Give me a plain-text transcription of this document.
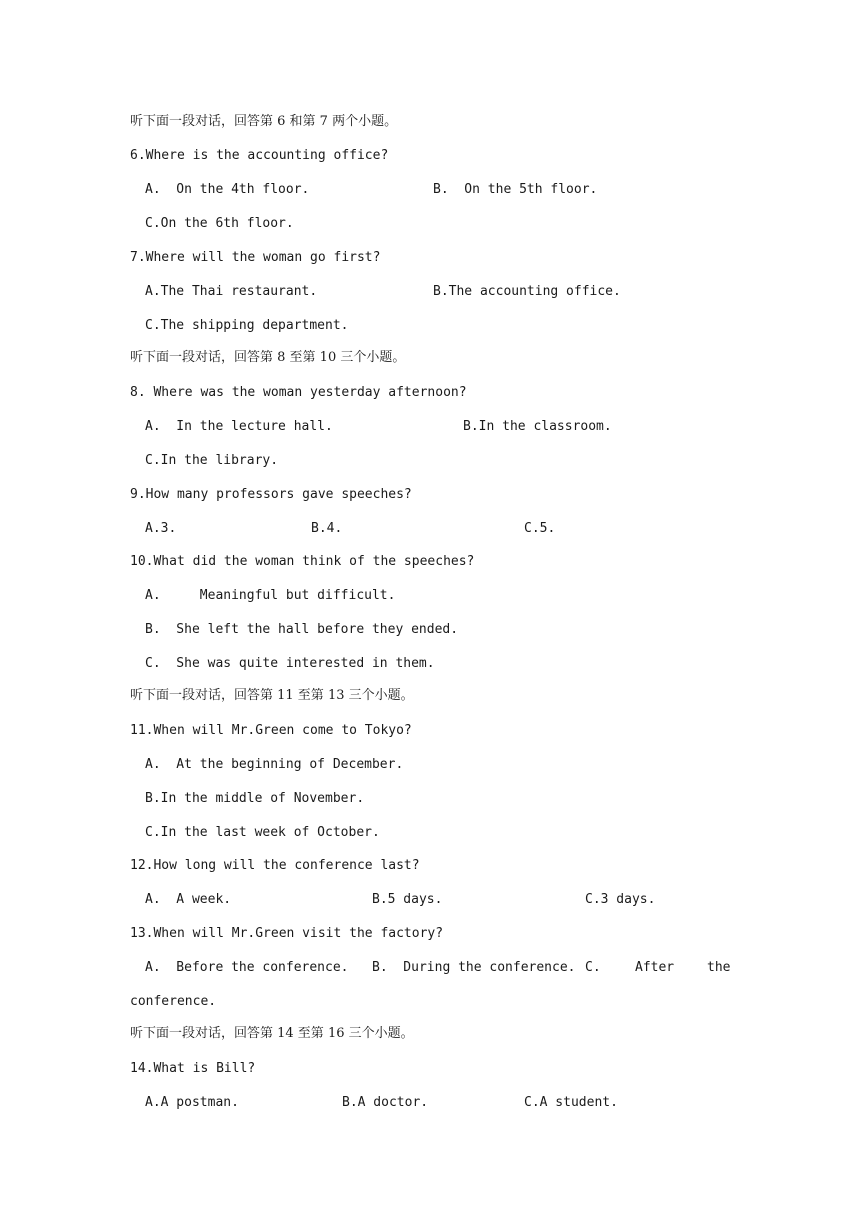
听下面一段对话，回答第 6 和第 7 两个小题。
6.Where is the accounting office?
A.  On the 4th floor.	B.  On the 5th floor.
C.On the 6th floor.
7.Where will the woman go first?
A.The Thai restaurant.	B.The accounting office.
C.The shipping department.
听下面一段对话，回答第 8 至第 10 三个小题。
8. Where was the woman yesterday afternoon?
A.  In the lecture hall.	B.In the classroom.
C.In the library.
9.How many professors gave speeches?
A.3.	B.4.	C.5.
10.What did the woman think of the speeches?
A.     Meaningful but difficult.
B.  She left the hall before they ended.
C.  She was quite interested in them.
听下面一段对话，回答第 11 至第 13 三个小题。
11.When will Mr.Green come to Tokyo?
A.  At the beginning of December.
B.In the middle of November.
C.In the last week of October.
12.How long will the conference last?
A.  A week.	B.5 days.	C.3 days.
13.When will Mr.Green visit the factory?
A.  Before the conference. B.  During the conference. C.	After	the
conference.
听下面一段对话，回答第 14 至第 16 三个小题。
14.What is Bill?
A.A postman.	B.A doctor.	C.A student.
